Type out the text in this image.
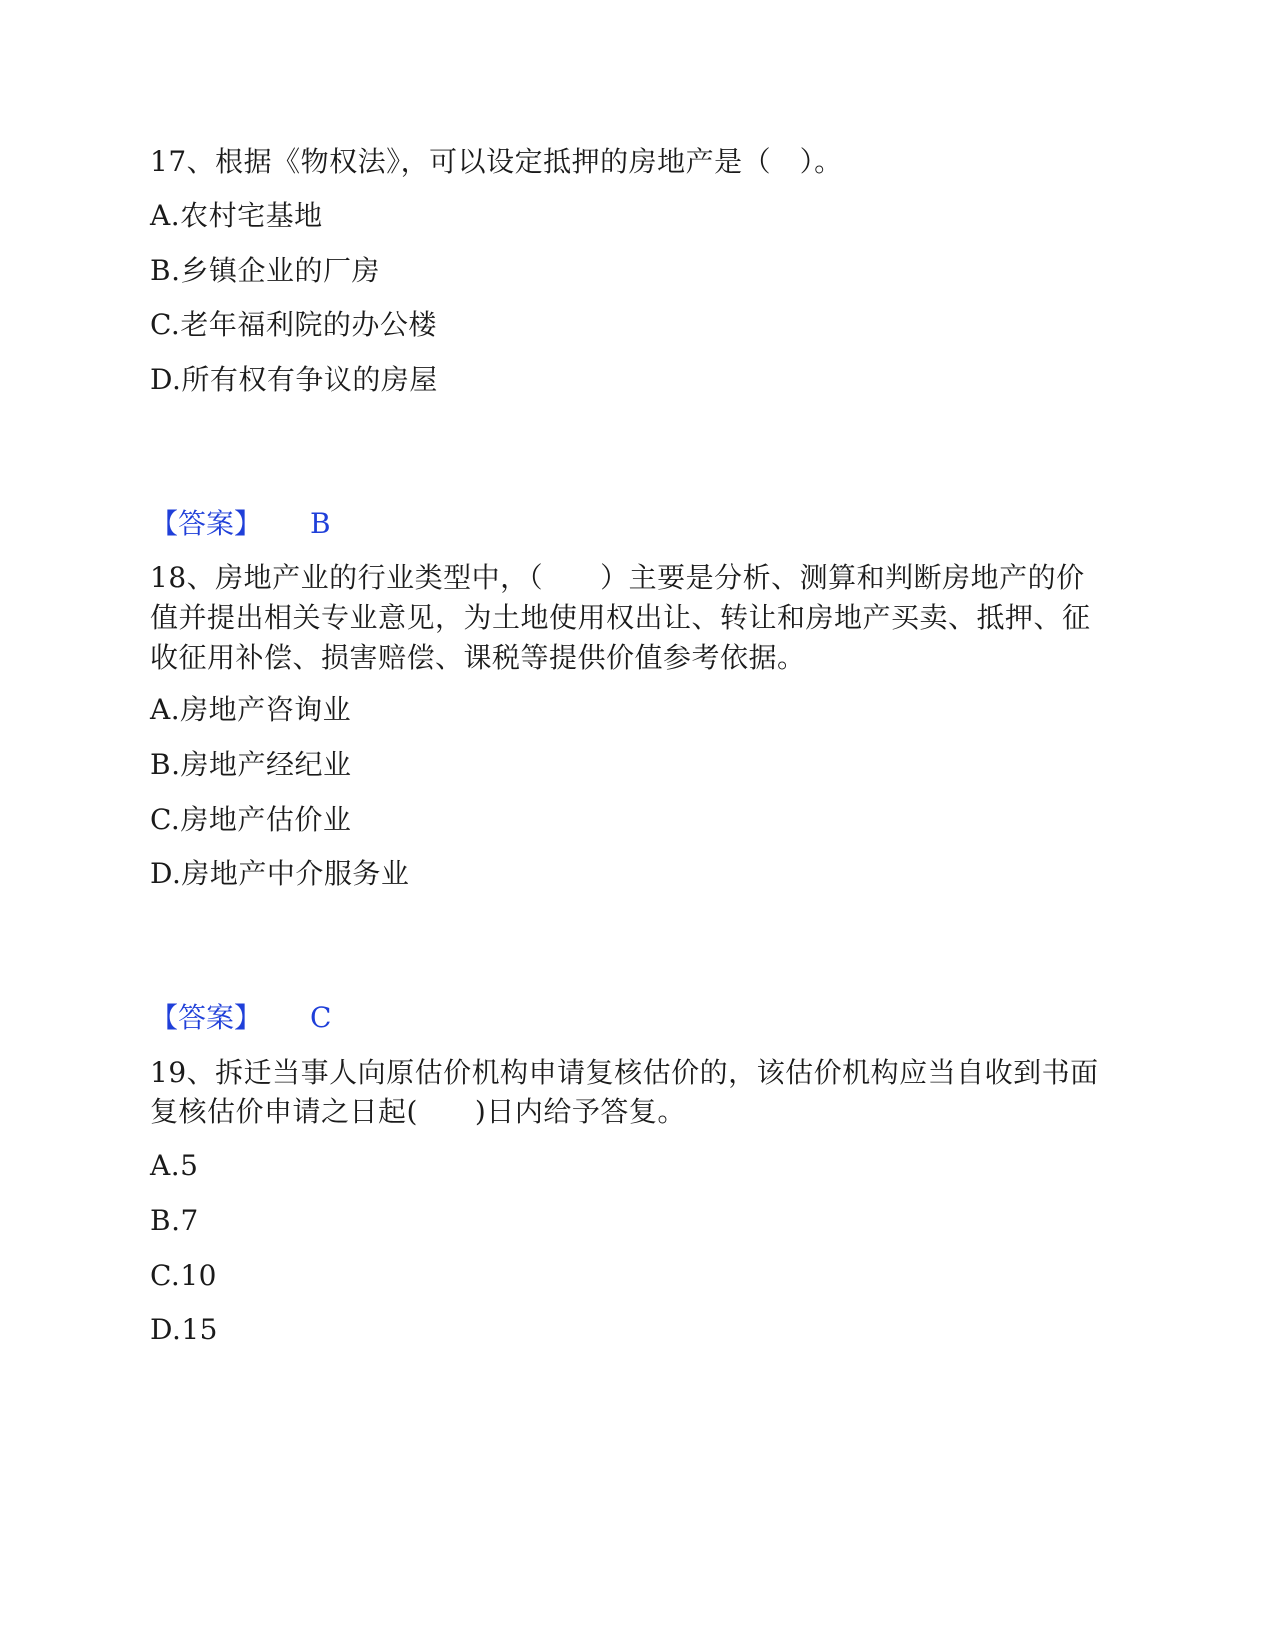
17、根据《物权法》，可以设定抵押的房地产是（　）。
A.农村宅基地
B.乡镇企业的厂房
C.老年福利院的办公楼
D.所有权有争议的房屋
【答案】 B
18、房地产业的行业类型中，（　　）主要是分析、测算和判断房地产的价
值并提出相关专业意见，为土地使用权出让、转让和房地产买卖、抵押、征
收征用补偿、损害赔偿、课税等提供价值参考依据。
A.房地产咨询业
B.房地产经纪业
C.房地产估价业
D.房地产中介服务业
【答案】 C
19、拆迁当事人向原估价机构申请复核估价的，该估价机构应当自收到书面
复核估价申请之日起(　　)日内给予答复。
A.5
B.7
C.10
D.15
